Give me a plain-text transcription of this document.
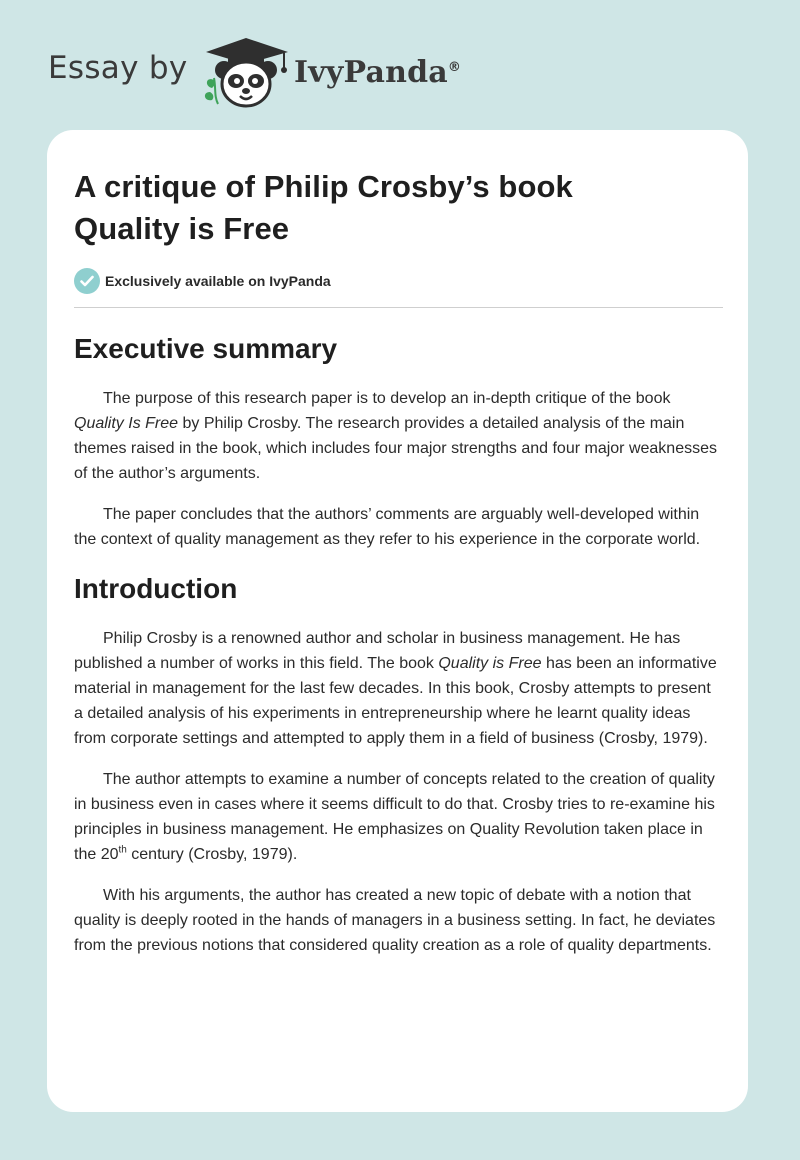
Essay by	IvyPanda®
A critique of Philip Crosby’s book
Quality is Free
Exclusively available on IvyPanda
Executive summary

The purpose of this research paper is to develop an in-depth critique of the book Quality Is Free by Philip Crosby. The research provides a detailed analysis of the main themes raised in the book, which includes four major strengths and four major weaknesses of the author’s arguments.

The paper concludes that the authors’ comments are arguably well-developed within the context of quality management as they refer to his experience in the corporate world.

Introduction

Philip Crosby is a renowned author and scholar in business management. He has published a number of works in this field. The book Quality is Free has been an informative material in management for the last few decades. In this book, Crosby attempts to present a detailed analysis of his experiments in entrepreneurship where he learnt quality ideas from corporate settings and attempted to apply them in a field of business (Crosby, 1979).

The author attempts to examine a number of concepts related to the creation of quality in business even in cases where it seems difficult to do that. Crosby tries to re-examine his principles in business management. He emphasizes on Quality Revolution taken place in the 20th century (Crosby, 1979).

With his arguments, the author has created a new topic of debate with a notion that quality is deeply rooted in the hands of managers in a business setting. In fact, he deviates from the previous notions that considered quality creation as a role of quality departments.
